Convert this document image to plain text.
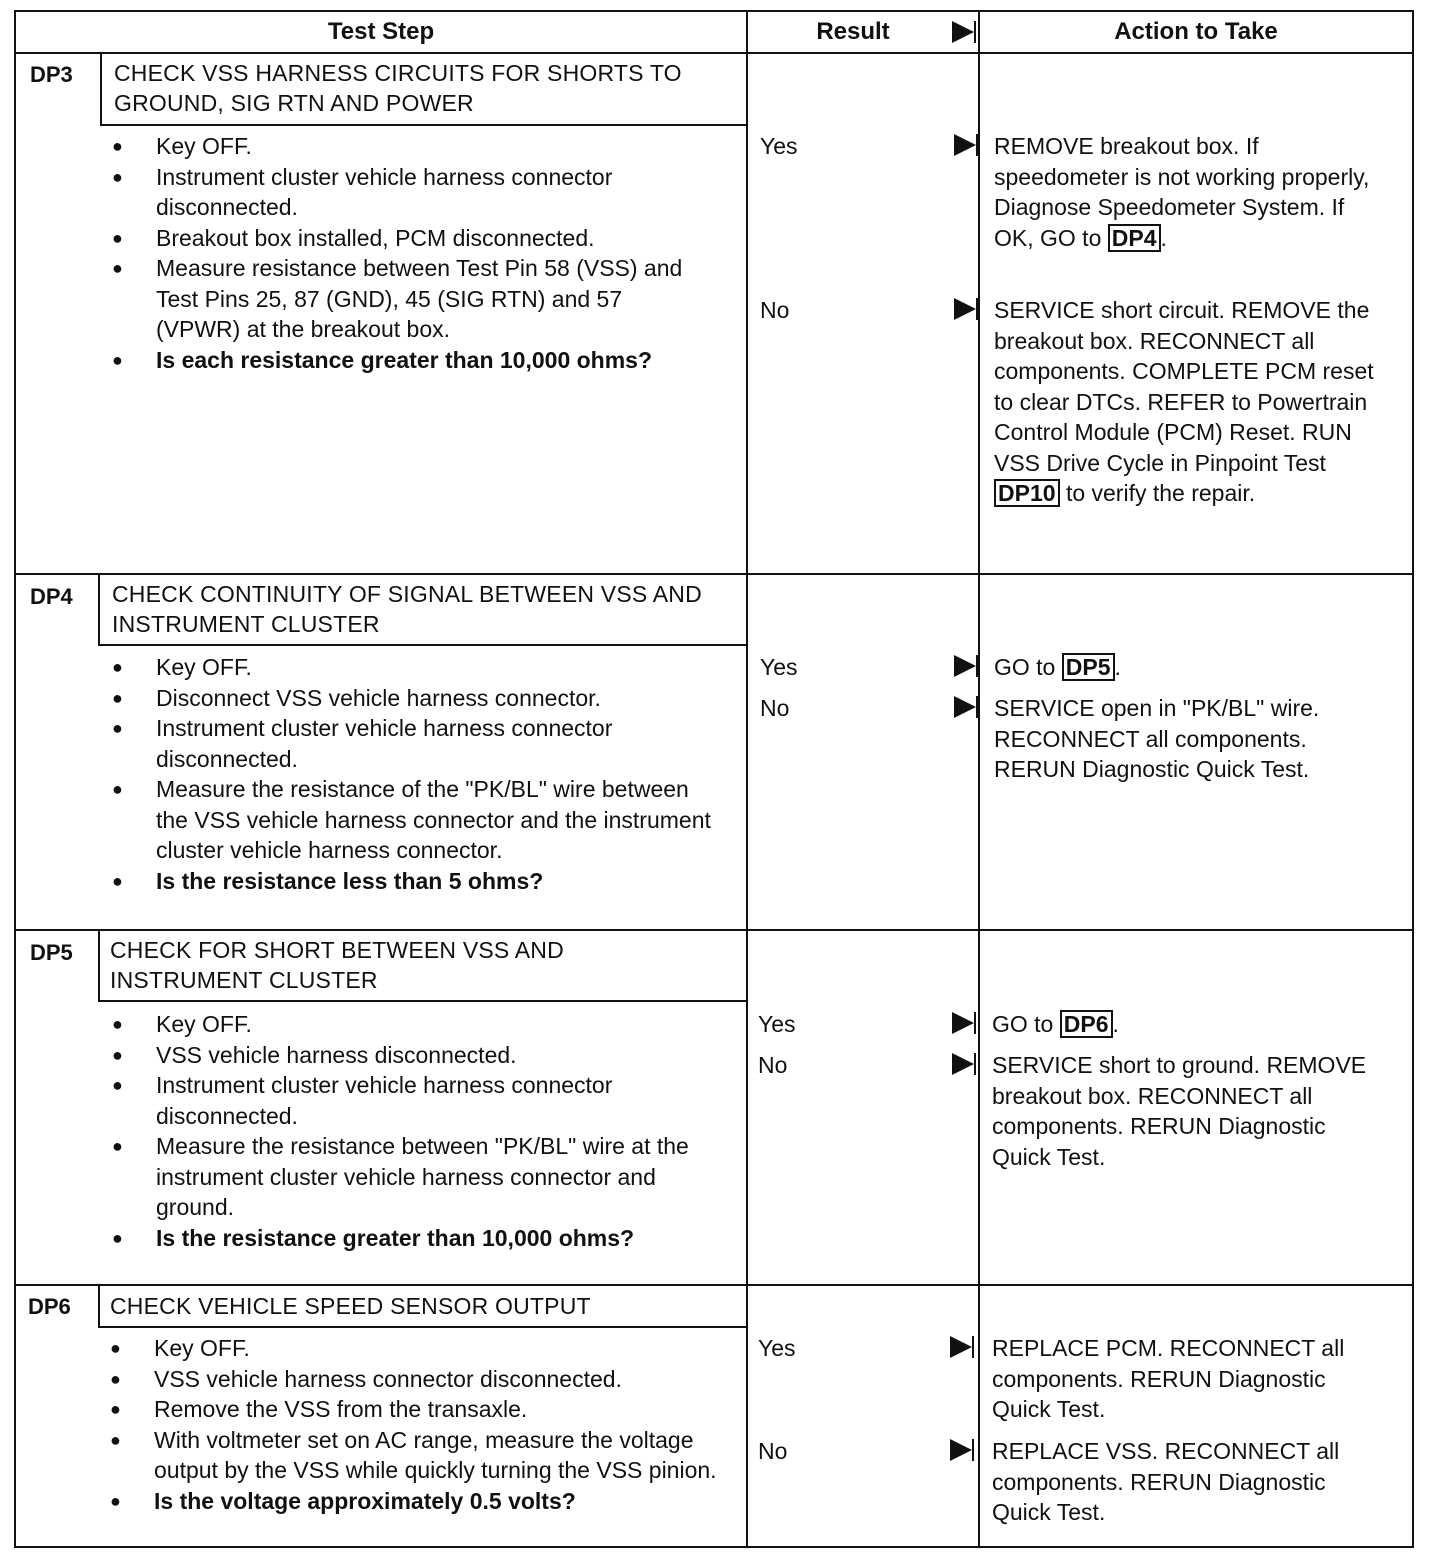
Test Step	Result	Action to Take
DP3 CHECK VSS HARNESS CIRCUITS FOR SHORTS TO GROUND, SIG RTN AND POWER
● Key OFF.
● Instrument cluster vehicle harness connector disconnected.
● Breakout box installed, PCM disconnected.
● Measure resistance between Test Pin 58 (VSS) and Test Pins 25, 87 (GND), 45 (SIG RTN) and 57 (VPWR) at the breakout box.
● Is each resistance greater than 10,000 ohms?
Yes	REMOVE breakout box. If speedometer is not working properly, Diagnose Speedometer System. If OK, GO to DP4 .
No	SERVICE short circuit. REMOVE the breakout box. RECONNECT all components. COMPLETE PCM reset to clear DTCs. REFER to Powertrain Control Module (PCM) Reset. RUN VSS Drive Cycle in Pinpoint Test DP10 to verify the repair.
DP4 CHECK CONTINUITY OF SIGNAL BETWEEN VSS AND INSTRUMENT CLUSTER
● Key OFF.
● Disconnect VSS vehicle harness connector.
● Instrument cluster vehicle harness connector disconnected.
● Measure the resistance of the "PK/BL" wire between the VSS vehicle harness connector and the instrument cluster vehicle harness connector.
● Is the resistance less than 5 ohms?
Yes	GO to DP5 .
No	SERVICE open in "PK/BL" wire. RECONNECT all components. RERUN Diagnostic Quick Test.
DP5 CHECK FOR SHORT BETWEEN VSS AND INSTRUMENT CLUSTER
● Key OFF.
● VSS vehicle harness disconnected.
● Instrument cluster vehicle harness connector disconnected.
● Measure the resistance between "PK/BL" wire at the instrument cluster vehicle harness connector and ground.
● Is the resistance greater than 10,000 ohms?
Yes	GO to DP6 .
No	SERVICE short to ground. REMOVE breakout box. RECONNECT all components. RERUN Diagnostic Quick Test.
DP6 CHECK VEHICLE SPEED SENSOR OUTPUT
● Key OFF.
● VSS vehicle harness connector disconnected.
● Remove the VSS from the transaxle.
● With voltmeter set on AC range, measure the voltage output by the VSS while quickly turning the VSS pinion.
● Is the voltage approximately 0.5 volts?
Yes	REPLACE PCM. RECONNECT all components. RERUN Diagnostic Quick Test.
No	REPLACE VSS. RECONNECT all components. RERUN Diagnostic Quick Test.
